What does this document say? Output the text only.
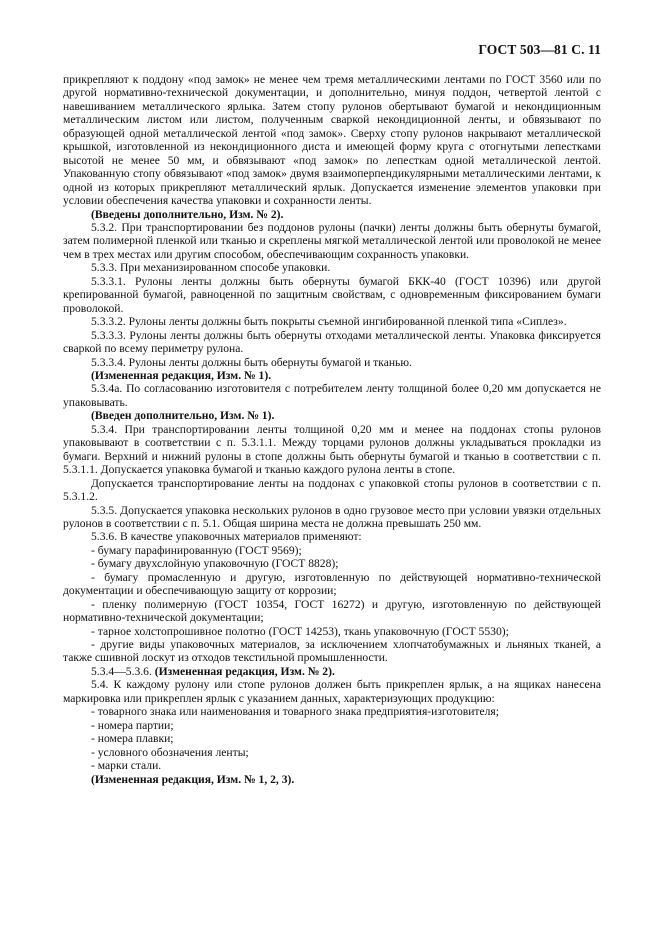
ГОСТ 503—81 С. 11

прикрепляют к поддону «под замок» не менее чем тремя металлическими лентами по ГОСТ 3560 или по другой нормативно-технической документации, и дополнительно, минуя поддон, четвертой лентой с навешиванием металлического ярлыка. Затем стопу рулонов обертывают бумагой и некондиционным металлическим листом или листом, полученным сваркой некондиционной ленты, и обвязывают по образующей одной металлической лентой «под замок». Сверху стопу рулонов накрывают металлической крышкой, изготовленной из некондиционного диста и имеющей форму круга с отогнутыми лепестками высотой не менее 50 мм, и обвязывают «под замок» по лепесткам одной металлической лентой. Упакованную стопу обвязывают «под замок» двумя взаимоперпендикулярными металлическими лентами, к одной из которых прикрепляют металлический ярлык. Допускается изменение элементов упаковки при условии обеспечения качества упаковки и сохранности ленты.

(Введены дополнительно, Изм. № 2).

5.3.2. При транспортировании без поддонов рулоны (пачки) ленты должны быть обернуты бумагой, затем полимерной пленкой или тканью и скреплены мягкой металлической лентой или проволокой не менее чем в трех местах или другим способом, обеспечивающим сохранность упаковки.

5.3.3. При механизированном способе упаковки.

5.3.3.1. Рулоны ленты должны быть обернуты бумагой БКК-40 (ГОСТ 10396) или другой крепированной бумагой, равноценной по защитным свойствам, с одновременным фиксированием бумаги проволокой.

5.3.3.2. Рулоны ленты должны быть покрыты съемной ингибированной пленкой типа «Сиплез».

5.3.3.3. Рулоны ленты должны быть обернуты отходами металлической ленты. Упаковка фиксируется сваркой по всему периметру рулона.

5.3.3.4. Рулоны ленты должны быть обернуты бумагой и тканью.

(Измененная редакция, Изм. № 1).

5.3.4а. По согласованию изготовителя с потребителем ленту толщиной более 0,20 мм допускается не упаковывать.

(Введен дополнительно, Изм. № 1).

5.3.4. При транспортировании ленты толщиной 0,20 мм и менее на поддонах стопы рулонов упаковывают в соответствии с п. 5.3.1.1. Между торцами рулонов должны укладываться прокладки из бумаги. Верхний и нижний рулоны в стопе должны быть обернуты бумагой и тканью в соответствии с п. 5.3.1.1. Допускается упаковка бумагой и тканью каждого рулона ленты в стопе.

Допускается транспортирование ленты на поддонах с упаковкой стопы рулонов в соответствии с п. 5.3.1.2.

5.3.5. Допускается упаковка нескольких рулонов в одно грузовое место при условии увязки отдельных рулонов в соответствии с п. 5.1. Общая ширина места не должна превышать 250 мм.

5.3.6. В качестве упаковочных материалов применяют:

- бумагу парафинированную (ГОСТ 9569);

- бумагу двухслойную упаковочную (ГОСТ 8828);

- бумагу промасленную и другую, изготовленную по действующей нормативно-технической документации и обеспечивающую защиту от коррозии;

- пленку полимерную (ГОСТ 10354, ГОСТ 16272) и другую, изготовленную по действующей нормативно-технической документации;

- тарное холстопрошивное полотно (ГОСТ 14253), ткань упаковочную (ГОСТ 5530);

- другие виды упаковочных материалов, за исключением хлопчатобумажных и льняных тканей, а также сшивной лоскут из отходов текстильной промышленности.

5.3.4—5.3.6. (Измененная редакция, Изм. № 2).

5.4. К каждому рулону или стопе рулонов должен быть прикреплен ярлык, а на ящиках нанесена маркировка или прикреплен ярлык с указанием данных, характеризующих продукцию:

- товарного знака или наименования и товарного знака предприятия-изготовителя;

- номера партии;

- номера плавки;

- условного обозначения ленты;

- марки стали.

(Измененная редакция, Изм. № 1, 2, 3).
